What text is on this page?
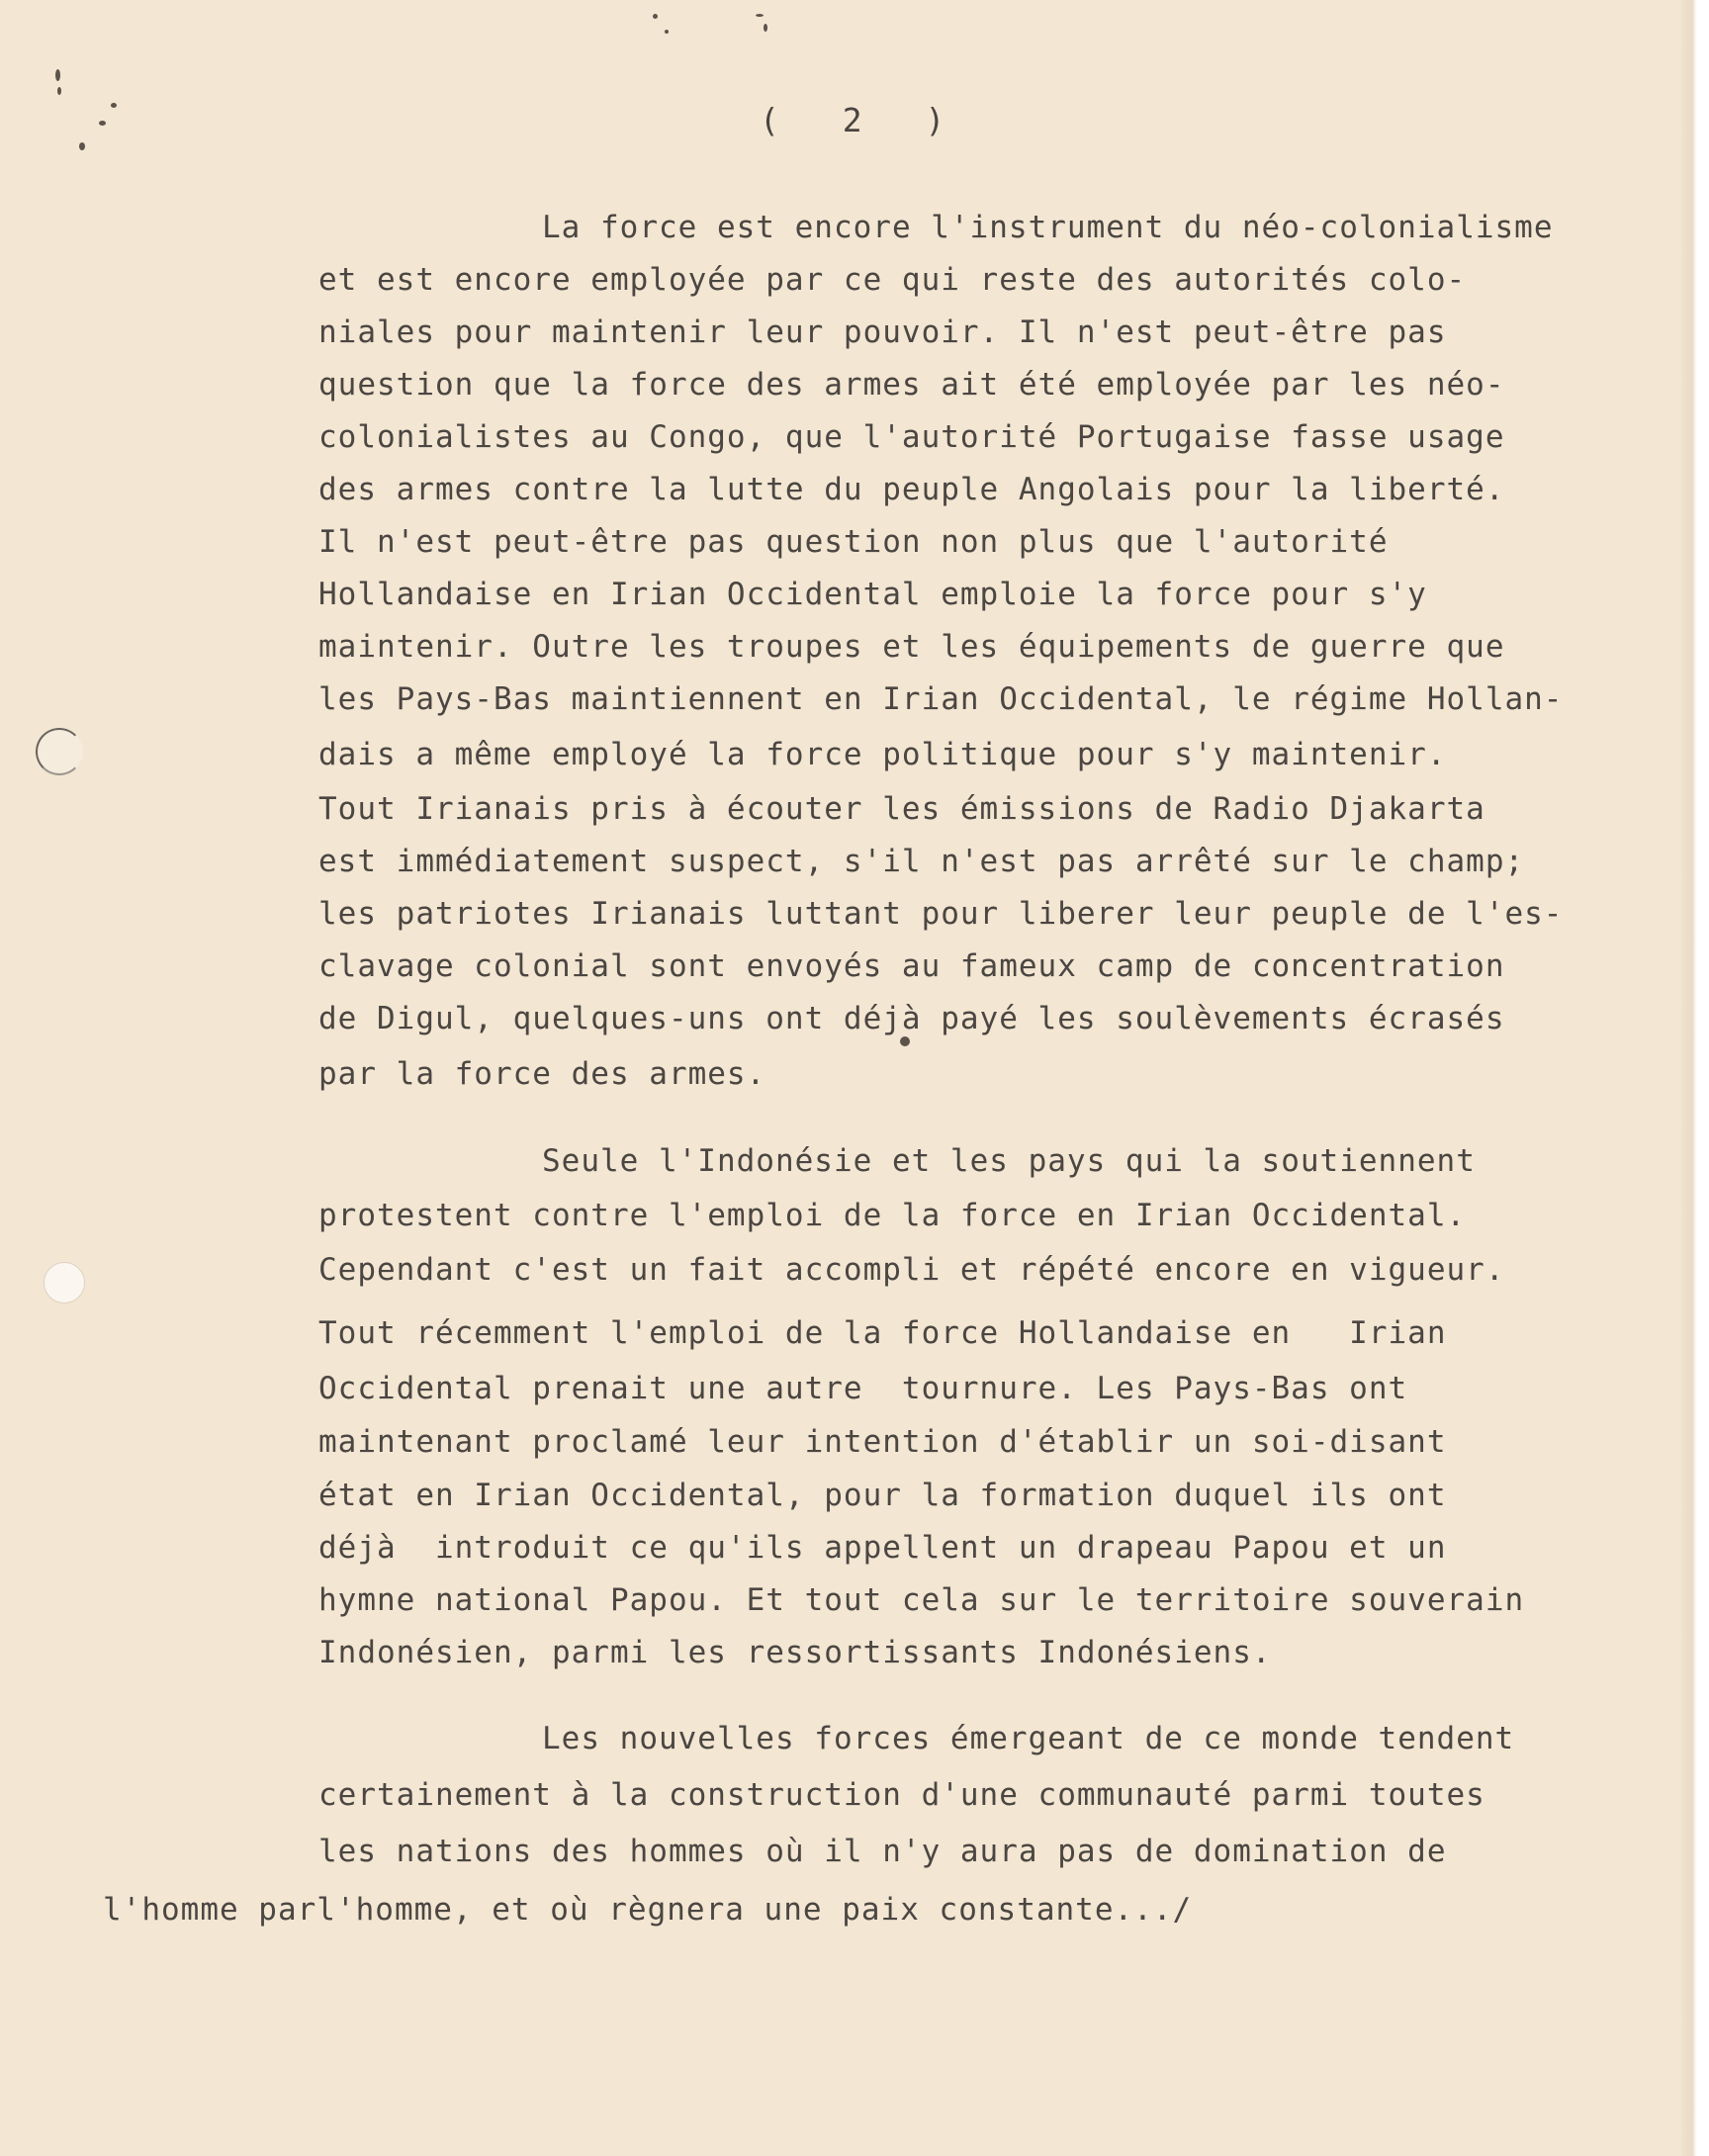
( 2 )
La force est encore l'instrument du néo-colonialisme
et est encore employée par ce qui reste des autorités colo-
niales pour maintenir leur pouvoir. Il n'est peut-être pas
question que la force des armes ait été employée par les néo-
colonialistes au Congo, que l'autorité Portugaise fasse usage
des armes contre la lutte du peuple Angolais pour la liberté.
Il n'est peut-être pas question non plus que l'autorité
Hollandaise en Irian Occidental emploie la force pour s'y
maintenir. Outre les troupes et les équipements de guerre que
les Pays-Bas maintiennent en Irian Occidental, le régime Hollan-
dais a même employé la force politique pour s'y maintenir.
Tout Irianais pris à écouter les émissions de Radio Djakarta
est immédiatement suspect, s'il n'est pas arrêté sur le champ;
les patriotes Irianais luttant pour liberer leur peuple de l'es-
clavage colonial sont envoyés au fameux camp de concentration
de Digul, quelques-uns ont déjà payé les soulèvements écrasés
par la force des armes.
Seule l'Indonésie et les pays qui la soutiennent
protestent contre l'emploi de la force en Irian Occidental.
Cependant c'est un fait accompli et répété encore en vigueur.
Tout récemment l'emploi de la force Hollandaise en   Irian
Occidental prenait une autre  tournure. Les Pays-Bas ont
maintenant proclamé leur intention d'établir un soi-disant
état en Irian Occidental, pour la formation duquel ils ont
déjà  introduit ce qu'ils appellent un drapeau Papou et un
hymne national Papou. Et tout cela sur le territoire souverain
Indonésien, parmi les ressortissants Indonésiens.
Les nouvelles forces émergeant de ce monde tendent
certainement à la construction d'une communauté parmi toutes
les nations des hommes où il n'y aura pas de domination de
l'homme parl'homme, et où règnera une paix constante.../
